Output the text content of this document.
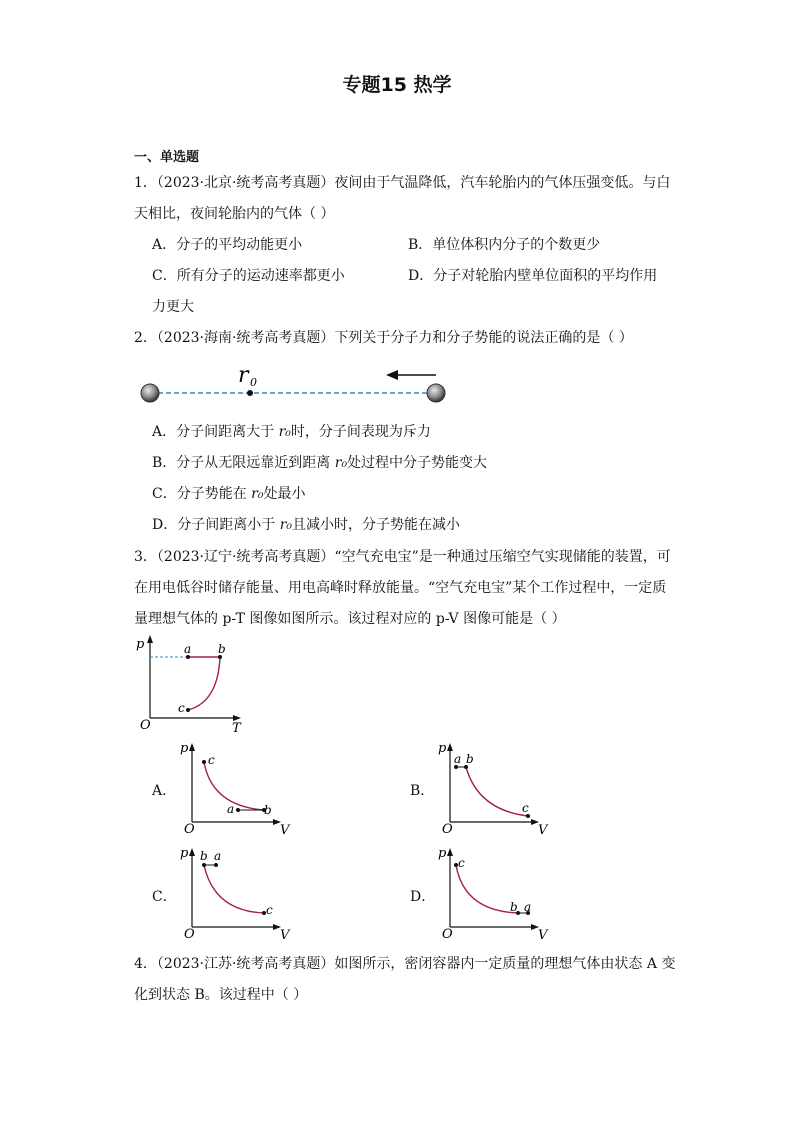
专题15 热学
一、单选题
1．（2023·北京·统考高考真题）夜间由于气温降低，汽车轮胎内的气体压强变低。与白
天相比，夜间轮胎内的气体（ ）
A．分子的平均动能更小	B．单位体积内分子的个数更少
C．所有分子的运动速率都更小	D．分子对轮胎内壁单位面积的平均作用
力更大
2．（2023·海南·统考高考真题）下列关于分子力和分子势能的说法正确的是（ ）
r 0
A．分子间距离大于 r₀时，分子间表现为斥力
B．分子从无限远靠近到距离 r₀处过程中分子势能变大
C．分子势能在 r₀处最小
D．分子间距离小于 r₀且减小时，分子势能在减小
3．（2023·辽宁·统考高考真题）“空气充电宝”是一种通过压缩空气实现储能的装置，可
在用电低谷时储存能量、用电高峰时释放能量。“空气充电宝”某个工作过程中，一定质
量理想气体的 p-T 图像如图所示。该过程对应的 p-V 图像可能是（ ）
p
T
O
a b
c
A．
p
V
O
c
a b
B．
p
V
O
a b
c
C．
p
V
O
b a
c
D．
p
V
O
c
b a
4．（2023·江苏·统考高考真题）如图所示，密闭容器内一定质量的理想气体由状态 A 变
化到状态 B。该过程中（ ）
